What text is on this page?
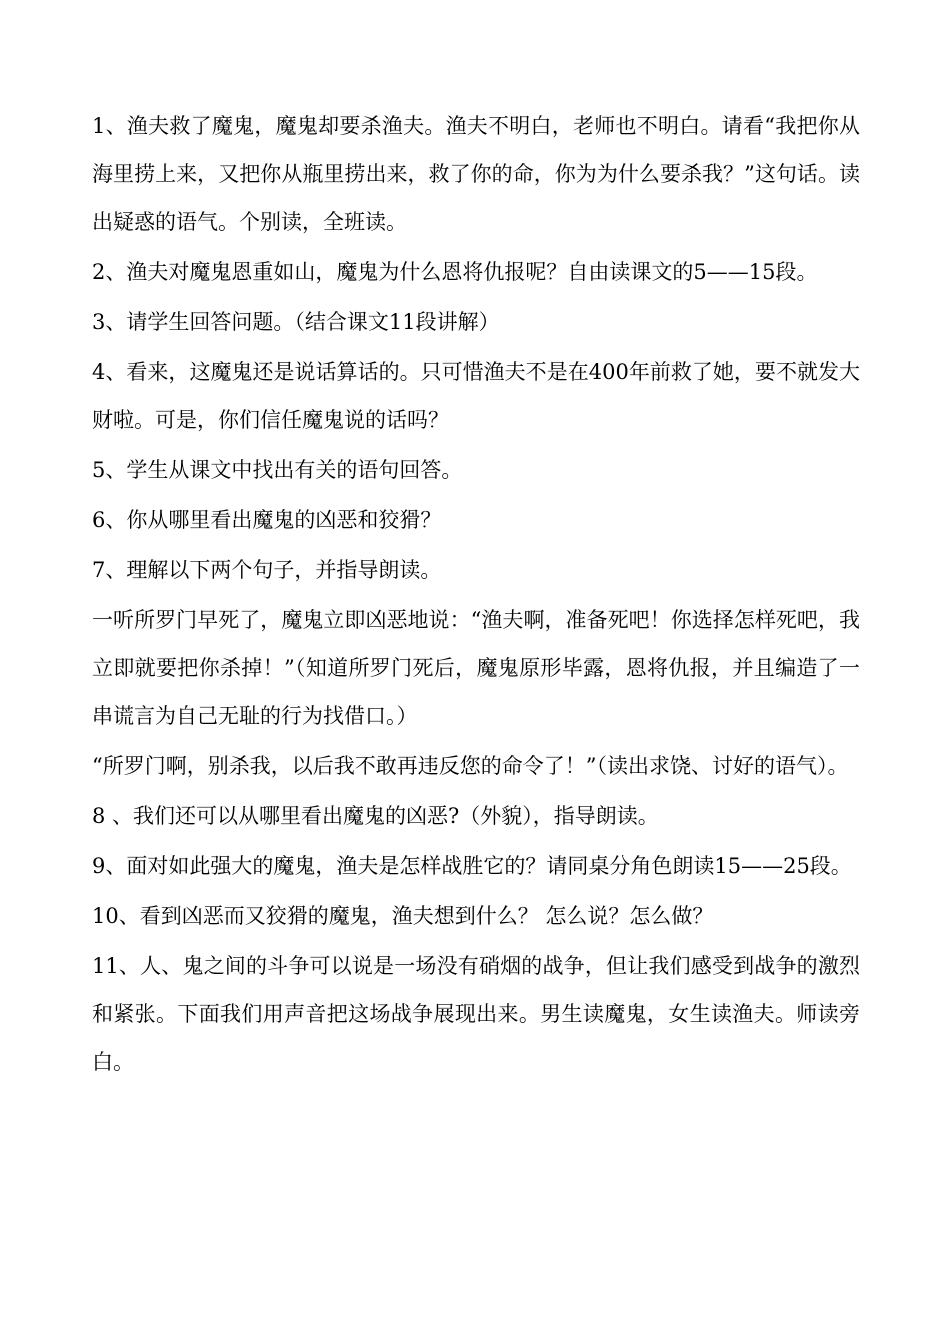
1、渔夫救了魔鬼，魔鬼却要杀渔夫。渔夫不明白，老师也不明白。请看“我把你从海里捞上来，又把你从瓶里捞出来，救了你的命，你为为什么要杀我？”这句话。读出疑惑的语气。个别读，全班读。

2、渔夫对魔鬼恩重如山，魔鬼为什么恩将仇报呢？自由读课文的5——15段。

3、请学生回答问题。（结合课文11段讲解）

4、看来，这魔鬼还是说话算话的。只可惜渔夫不是在400年前救了她，要不就发大财啦。可是，你们信任魔鬼说的话吗？

5、学生从课文中找出有关的语句回答。

6、你从哪里看出魔鬼的凶恶和狡猾？

7、理解以下两个句子，并指导朗读。

一听所罗门早死了，魔鬼立即凶恶地说：“渔夫啊，准备死吧！你选择怎样死吧，我立即就要把你杀掉！”（知道所罗门死后，魔鬼原形毕露，恩将仇报，并且编造了一串谎言为自己无耻的行为找借口。）

“所罗门啊，别杀我，以后我不敢再违反您的命令了！”（读出求饶、讨好的语气）。

8 、我们还可以从哪里看出魔鬼的凶恶?（外貌），指导朗读。

9、面对如此强大的魔鬼，渔夫是怎样战胜它的？请同桌分角色朗读15——25段。

10、看到凶恶而又狡猾的魔鬼，渔夫想到什么？ 怎么说？怎么做？

11、人、鬼之间的斗争可以说是一场没有硝烟的战争，但让我们感受到战争的激烈和紧张。下面我们用声音把这场战争展现出来。男生读魔鬼，女生读渔夫。师读旁白。
